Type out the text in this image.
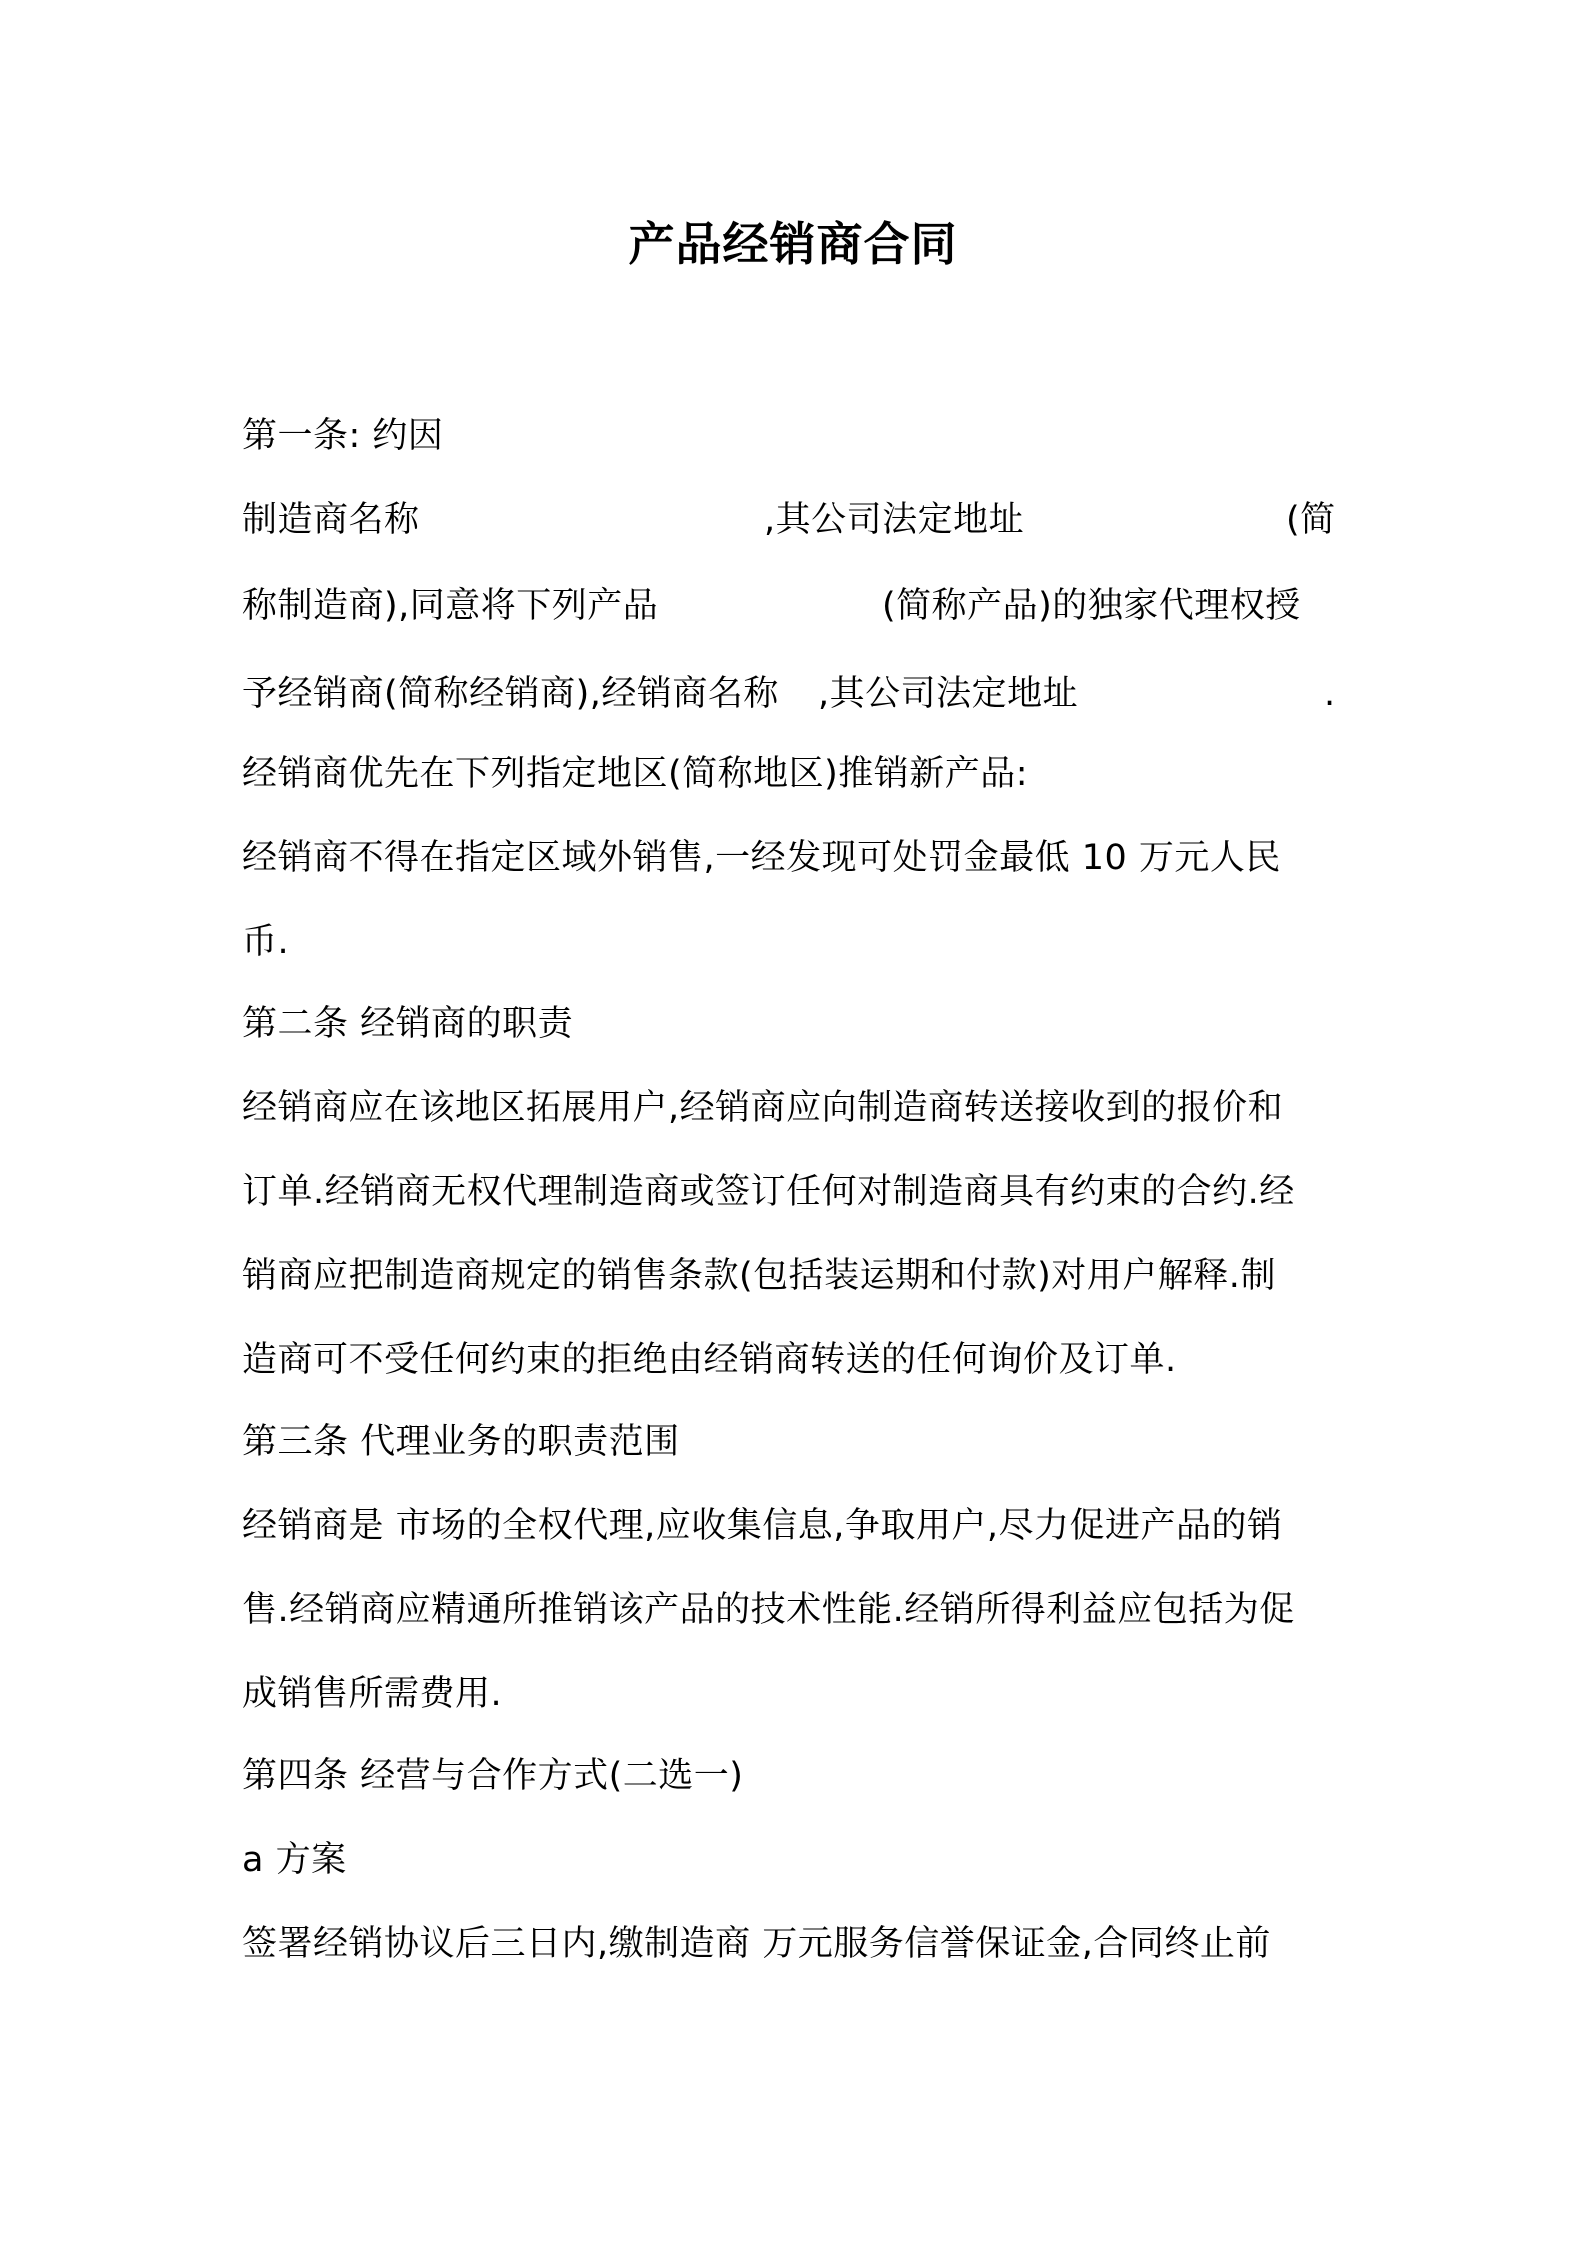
产品经销商合同
第一条: 约因
制造商名称	,其公司法定地址	(简
称制造商),同意将下列产品	(简称产品)的独家代理权授
予经销商(简称经销商),经销商名称 ,其公司法定地址	.
经销商优先在下列指定地区(简称地区)推销新产品:
经销商不得在指定区域外销售,一经发现可处罚金最低 10 万元人民
币.
第二条 经销商的职责
经销商应在该地区拓展用户,经销商应向制造商转送接收到的报价和
订单.经销商无权代理制造商或签订任何对制造商具有约束的合约.经
销商应把制造商规定的销售条款(包括装运期和付款)对用户解释.制
造商可不受任何约束的拒绝由经销商转送的任何询价及订单.
第三条 代理业务的职责范围
经销商是 市场的全权代理,应收集信息,争取用户,尽力促进产品的销
售.经销商应精通所推销该产品的技术性能.经销所得利益应包括为促
成销售所需费用.
第四条 经营与合作方式(二选一)
a 方案
签署经销协议后三日内,缴制造商 万元服务信誉保证金,合同终止前
